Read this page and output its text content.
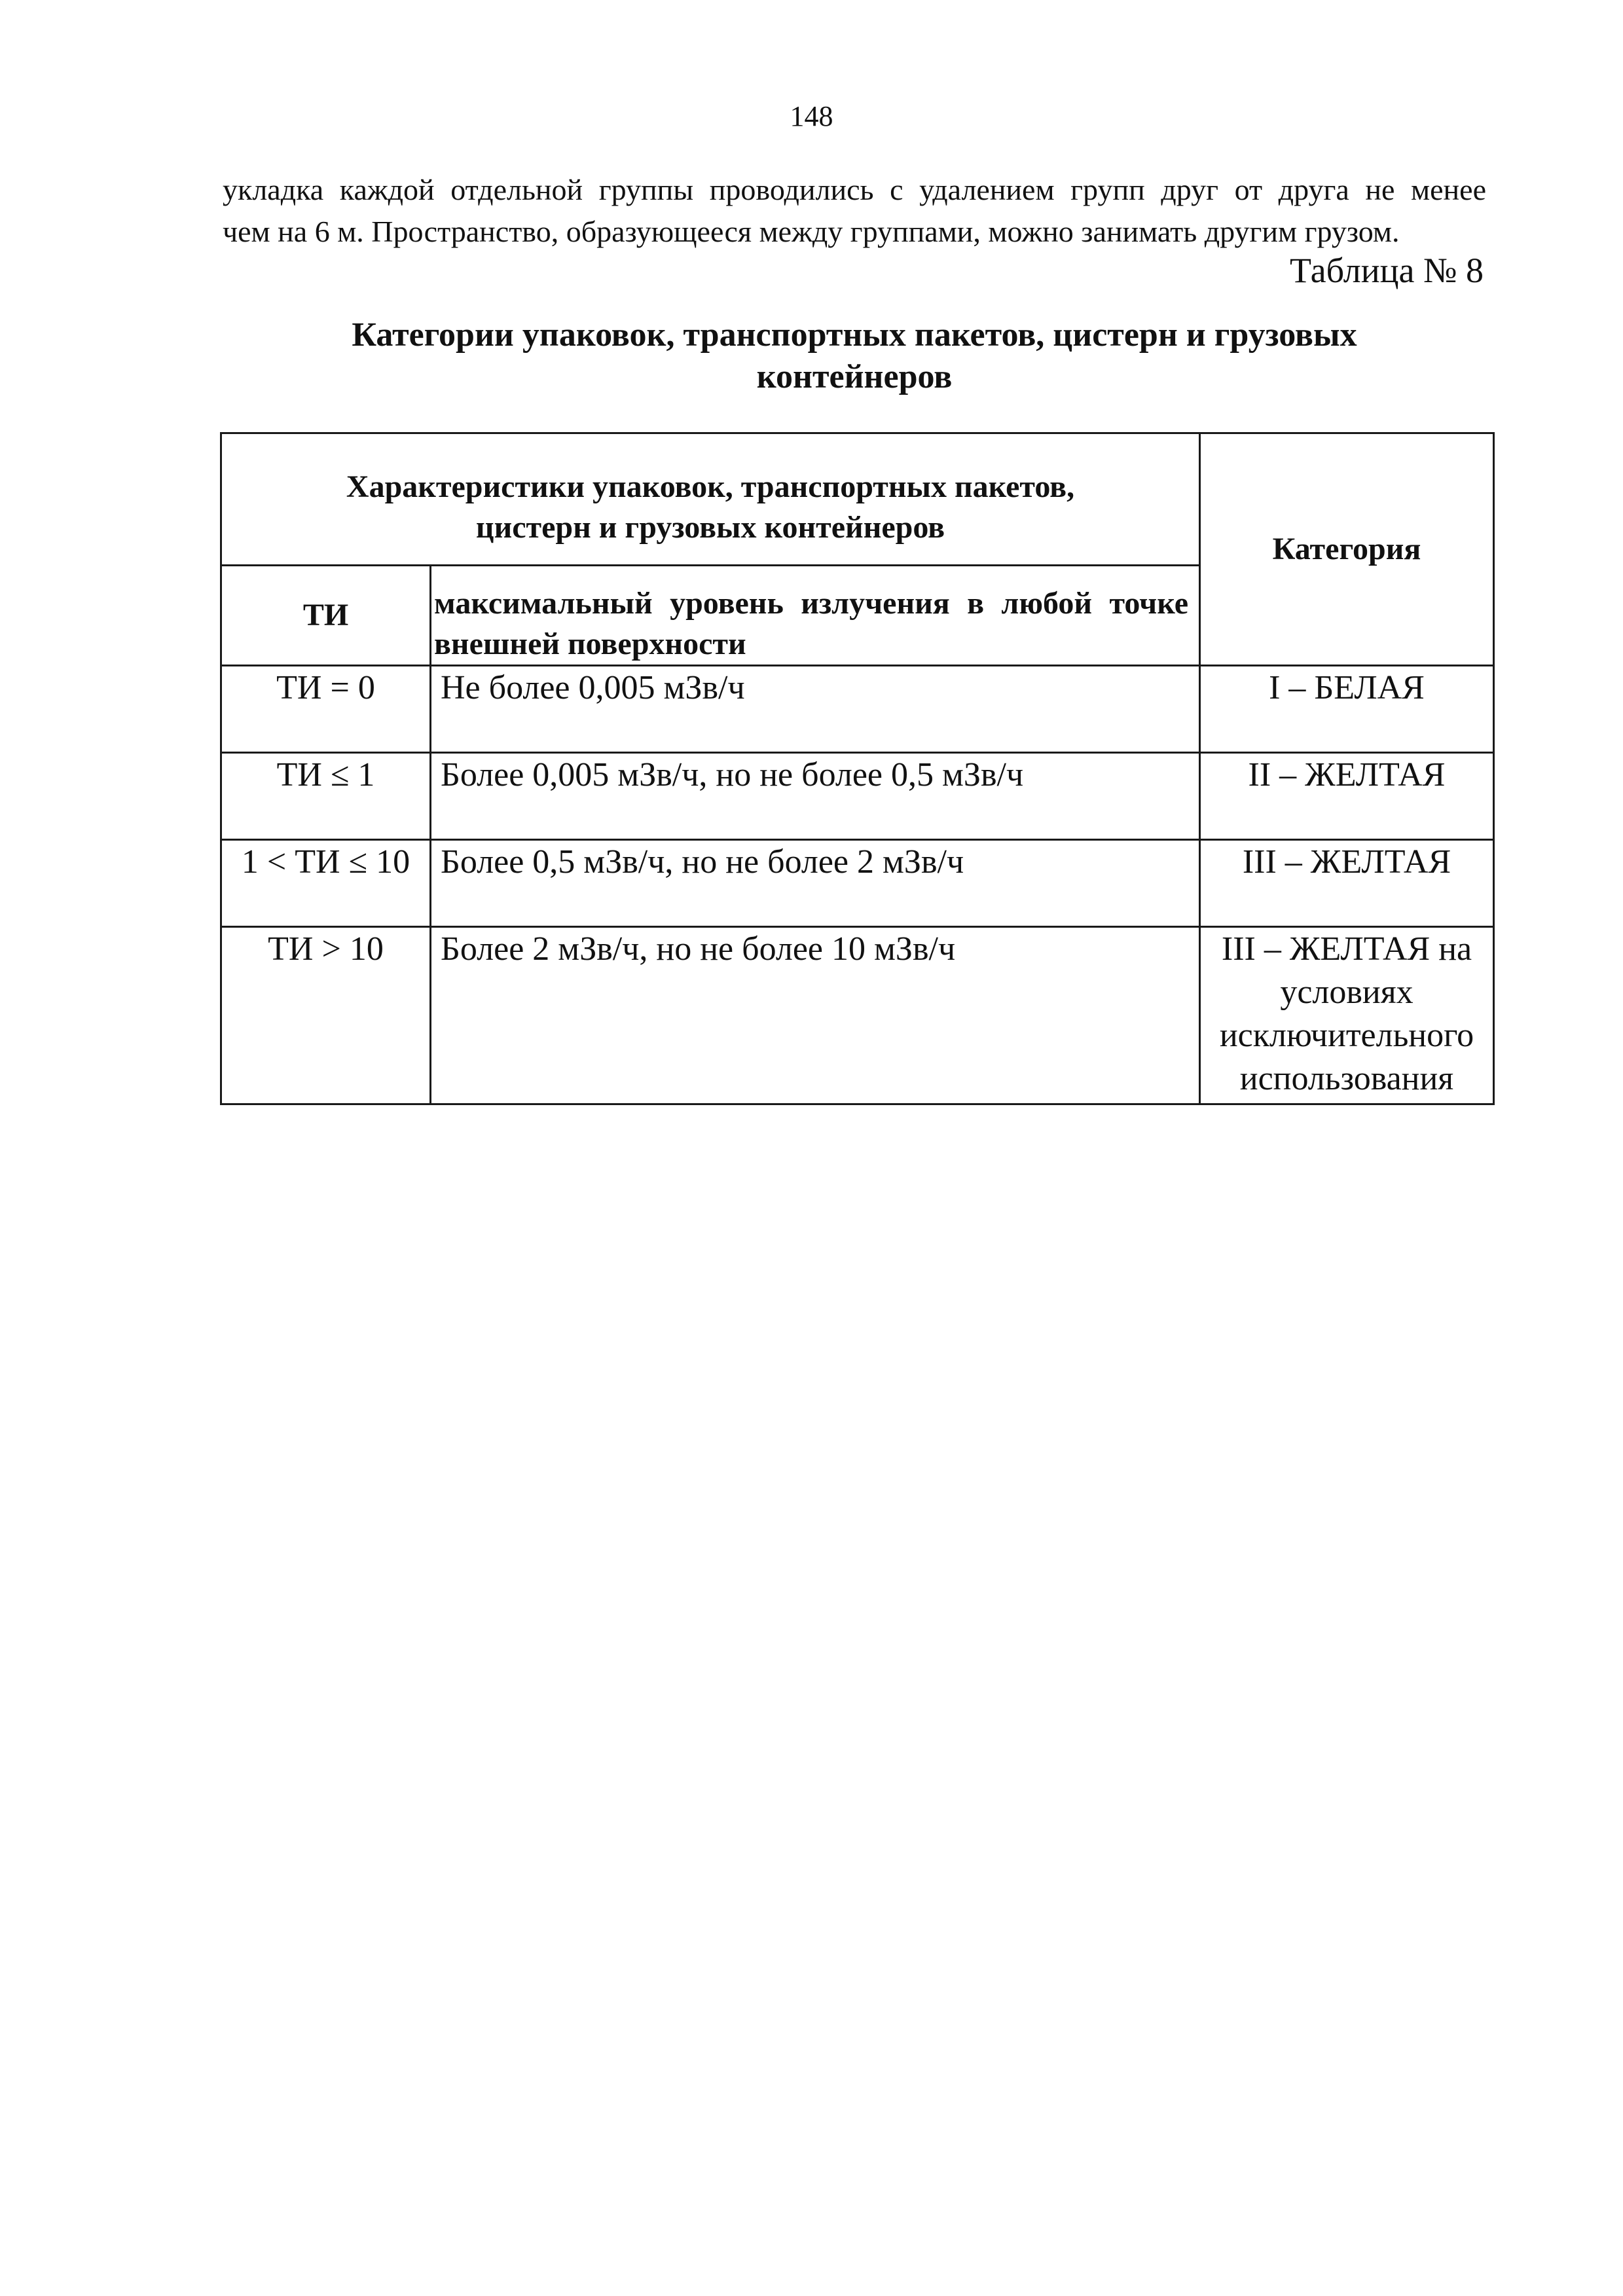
148

укладка каждой отдельной группы проводились с удалением групп друг от друга не менее

чем на 6 м. Пространство, образующееся между группами, можно занимать другим грузом.

Таблица № 8
Категории упаковок, транспортных пакетов, цистерн и грузовых
контейнеров
Характеристики упаковок, транспортных пакетов,
цистерн и грузовых контейнеров		Категория
ТИ	максимальный уровень излучения в любой точке внешней поверхности	
ТИ = 0	Не более 0,005 мЗв/ч	I – БЕЛАЯ
ТИ ≤ 1	Более 0,005 мЗв/ч, но не более 0,5 мЗв/ч	II – ЖЕЛТАЯ
1 < ТИ ≤ 10	Более 0,5 мЗв/ч, но не более 2 мЗв/ч	III – ЖЕЛТАЯ
ТИ > 10	Более 2 мЗв/ч, но не более 10 мЗв/ч	III – ЖЕЛТАЯ на условиях исключительного использования
